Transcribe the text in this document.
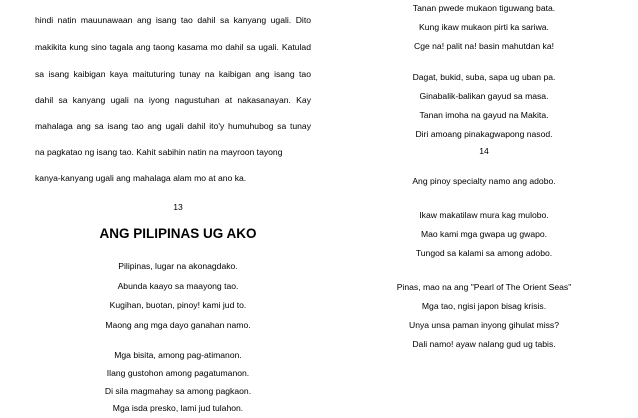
hindi natin mauunawaan ang isang tao dahil sa kanyang ugali. Dito
makikita kung sino tagala ang taong kasama mo dahil sa ugali. Katulad
sa isang kaibigan kaya maituturing tunay na kaibigan ang isang tao
dahil sa kanyang ugali na iyong nagustuhan at nakasanayan. Kay
mahalaga ang sa isang tao ang ugali dahil ito'y humuhubog sa tunay
na pagkatao ng isang tao. Kahit sabihin natin na mayroon tayong
kanya-kanyang ugali ang mahalaga alam mo at ano ka.
13
ANG PILIPINAS UG AKO
Pilipinas, lugar na akonagdako.
Abunda kaayo sa maayong tao.
Kugihan, buotan, pinoy! kami jud to.
Maong ang mga dayo ganahan namo.
Mga bisita, among pag-atimanon.
Ilang gustohon among pagatumanon.
Di sila magmahay sa among pagkaon.
Mga isda presko, lami jud tulahon.
Tanan pwede mukaon tiguwang bata.
Kung ikaw mukaon pirti ka sariwa.
Cge na! palit na! basin mahutdan ka!
Dagat, bukid, suba, sapa ug uban pa.
Ginabalik-balikan gayud sa masa.
Tanan imoha na gayud na Makita.
Diri amoang pinakagwapong nasod.
14
Ang pinoy specialty namo ang adobo.
Ikaw makatilaw mura kag mulobo.
Mao kami mga gwapa ug gwapo.
Tungod sa kalami sa among adobo.
Pinas, mao na ang "Pearl of The Orient Seas"
Mga tao, ngisi japon bisag krisis.
Unya unsa paman inyong gihulat miss?
Dali namo! ayaw nalang gud ug tabis.
